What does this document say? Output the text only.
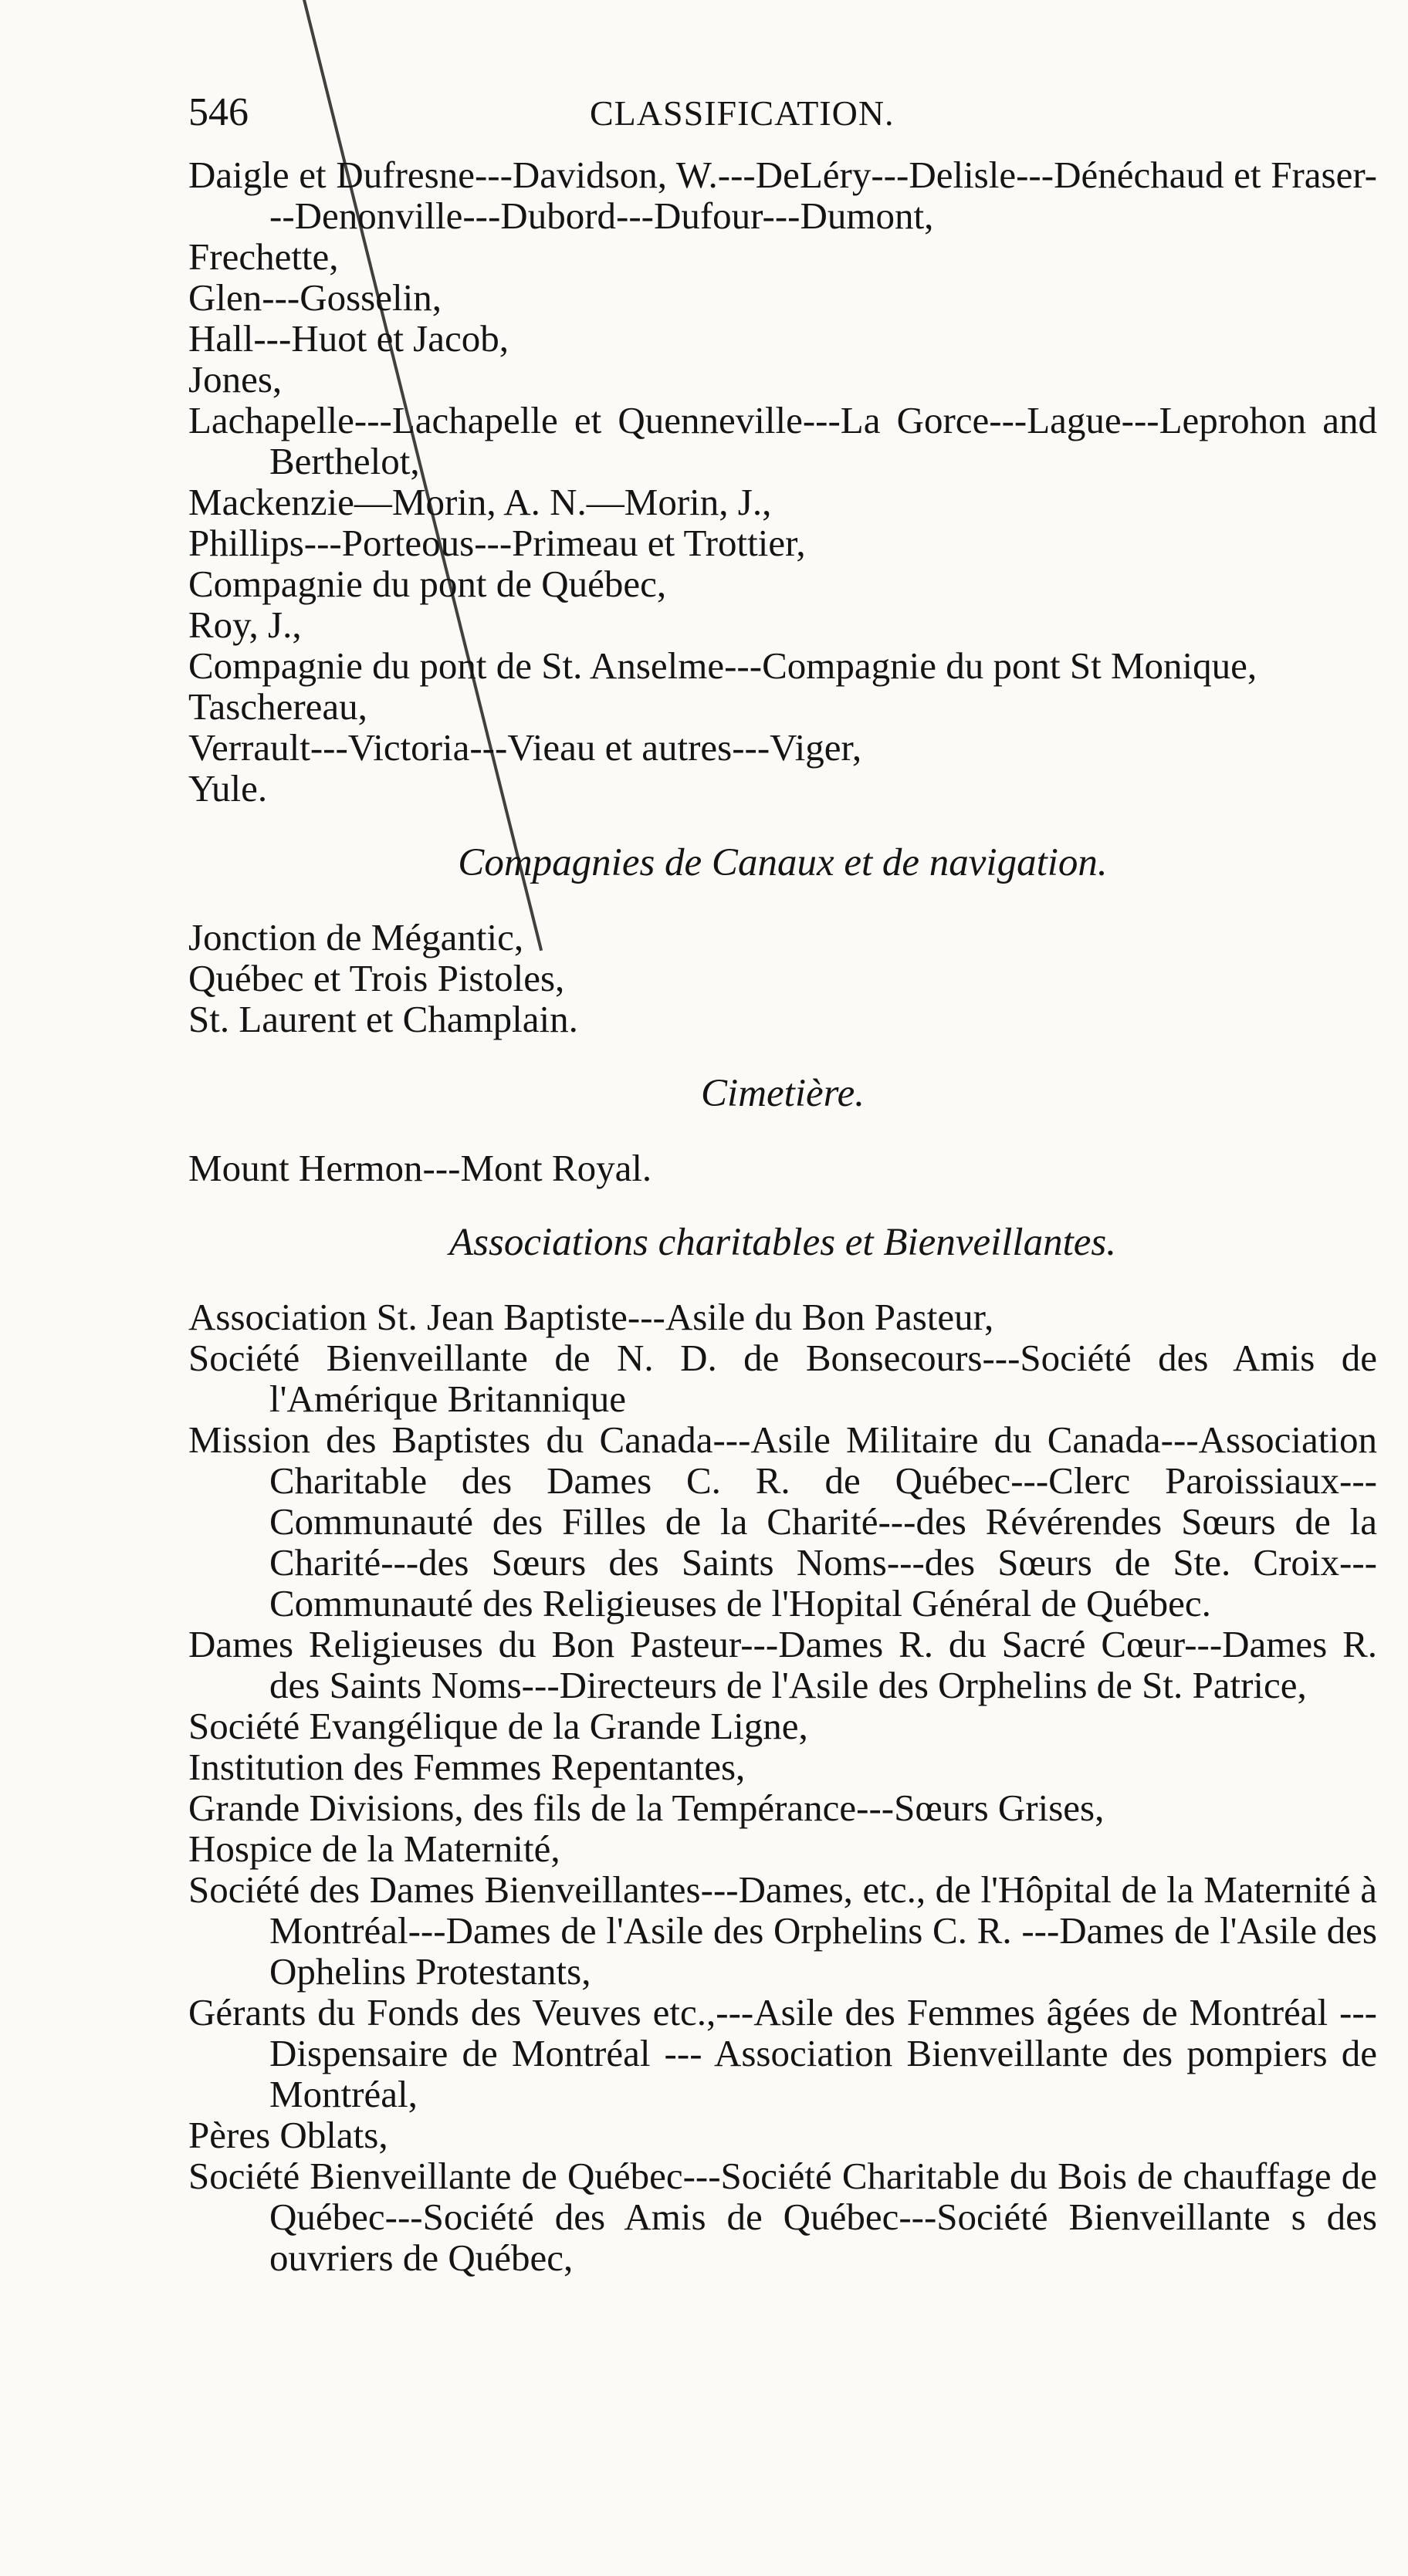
546	CLASSIFICATION.
Daigle et Dufresne---Davidson, W.---DeLéry---Delisle---Dénéchaud et Fraser---Denonville---Dubord---Dufour---Dumont,
Frechette,
Glen---Gosselin,
Hall---Huot et Jacob,
Jones,
Lachapelle---Lachapelle et Quenneville---La Gorce---Lague---Leprohon and Berthelot,
Mackenzie—Morin, A. N.—Morin, J.,
Phillips---Porteous---Primeau et Trottier,
Compagnie du pont de Québec,
Roy, J.,
Compagnie du pont de St. Anselme---Compagnie du pont St Monique,
Taschereau,
Verrault---Victoria---Vieau et autres---Viger,
Yule.
Compagnies de Canaux et de navigation.
Jonction de Mégantic,
Québec et Trois Pistoles,
St. Laurent et Champlain.
Cimetière.
Mount Hermon---Mont Royal.
Associations charitables et Bienveillantes.
Association St. Jean Baptiste---Asile du Bon Pasteur,
Société Bienveillante de N. D. de Bonsecours---Société des Amis de l'Amérique Britannique
Mission des Baptistes du Canada---Asile Militaire du Canada---Association Charitable des Dames C. R. de Québec---Clerc Paroissiaux---Communauté des Filles de la Charité---des Révérendes Sœurs de la Charité---des Sœurs des Saints Noms---des Sœurs de Ste. Croix---Communauté des Religieuses de l'Hopital Général de Québec.
Dames Religieuses du Bon Pasteur---Dames R. du Sacré Cœur---Dames R. des Saints Noms---Directeurs de l'Asile des Orphelins de St. Patrice,
Société Evangélique de la Grande Ligne,
Institution des Femmes Repentantes,
Grande Divisions, des fils de la Tempérance---Sœurs Grises,
Hospice de la Maternité,
Société des Dames Bienveillantes---Dames, etc., de l'Hôpital de la Maternité à Montréal---Dames de l'Asile des Orphelins C. R. ---Dames de l'Asile des Ophelins Protestants,
Gérants du Fonds des Veuves etc.,---Asile des Femmes âgées de Montréal --- Dispensaire de Montréal --- Association Bienveillante des pompiers de Montréal,
Pères Oblats,
Société Bienveillante de Québec---Société Charitable du Bois de chauffage de Québec---Société des Amis de Québec---Société Bienveillante s des ouvriers de Québec,
